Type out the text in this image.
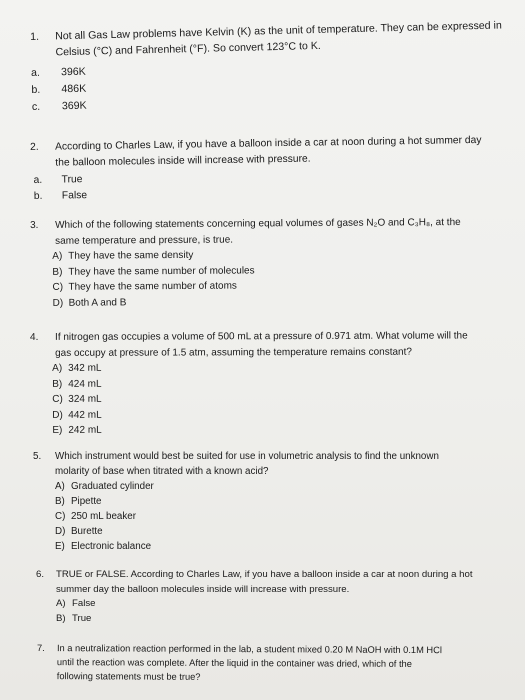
1. Not all Gas Law problems have Kelvin (K) as the unit of temperature. They can be expressed in
Celsius (°C) and Fahrenheit (°F). So convert 123°C to K.
a. 396K
b. 486K
c. 369K
2. According to Charles Law, if you have a balloon inside a car at noon during a hot summer day
the balloon molecules inside will increase with pressure.
a. True
b. False
3. Which of the following statements concerning equal volumes of gases N₂O and C₃H₈, at the
same temperature and pressure, is true.
A) They have the same density
B) They have the same number of molecules
C) They have the same number of atoms
D) Both A and B
4. If nitrogen gas occupies a volume of 500 mL at a pressure of 0.971 atm. What volume will the
gas occupy at pressure of 1.5 atm, assuming the temperature remains constant?
A) 342 mL
B) 424 mL
C) 324 mL
D) 442 mL
E) 242 mL
5. Which instrument would best be suited for use in volumetric analysis to find the unknown
molarity of base when titrated with a known acid?
A) Graduated cylinder
B) Pipette
C) 250 mL beaker
D) Burette
E) Electronic balance
6. TRUE or FALSE. According to Charles Law, if you have a balloon inside a car at noon during a hot
summer day the balloon molecules inside will increase with pressure.
A) False
B) True
7. In a neutralization reaction performed in the lab, a student mixed 0.20 M NaOH with 0.1M HCl
until the reaction was complete. After the liquid in the container was dried, which of the
following statements must be true?
